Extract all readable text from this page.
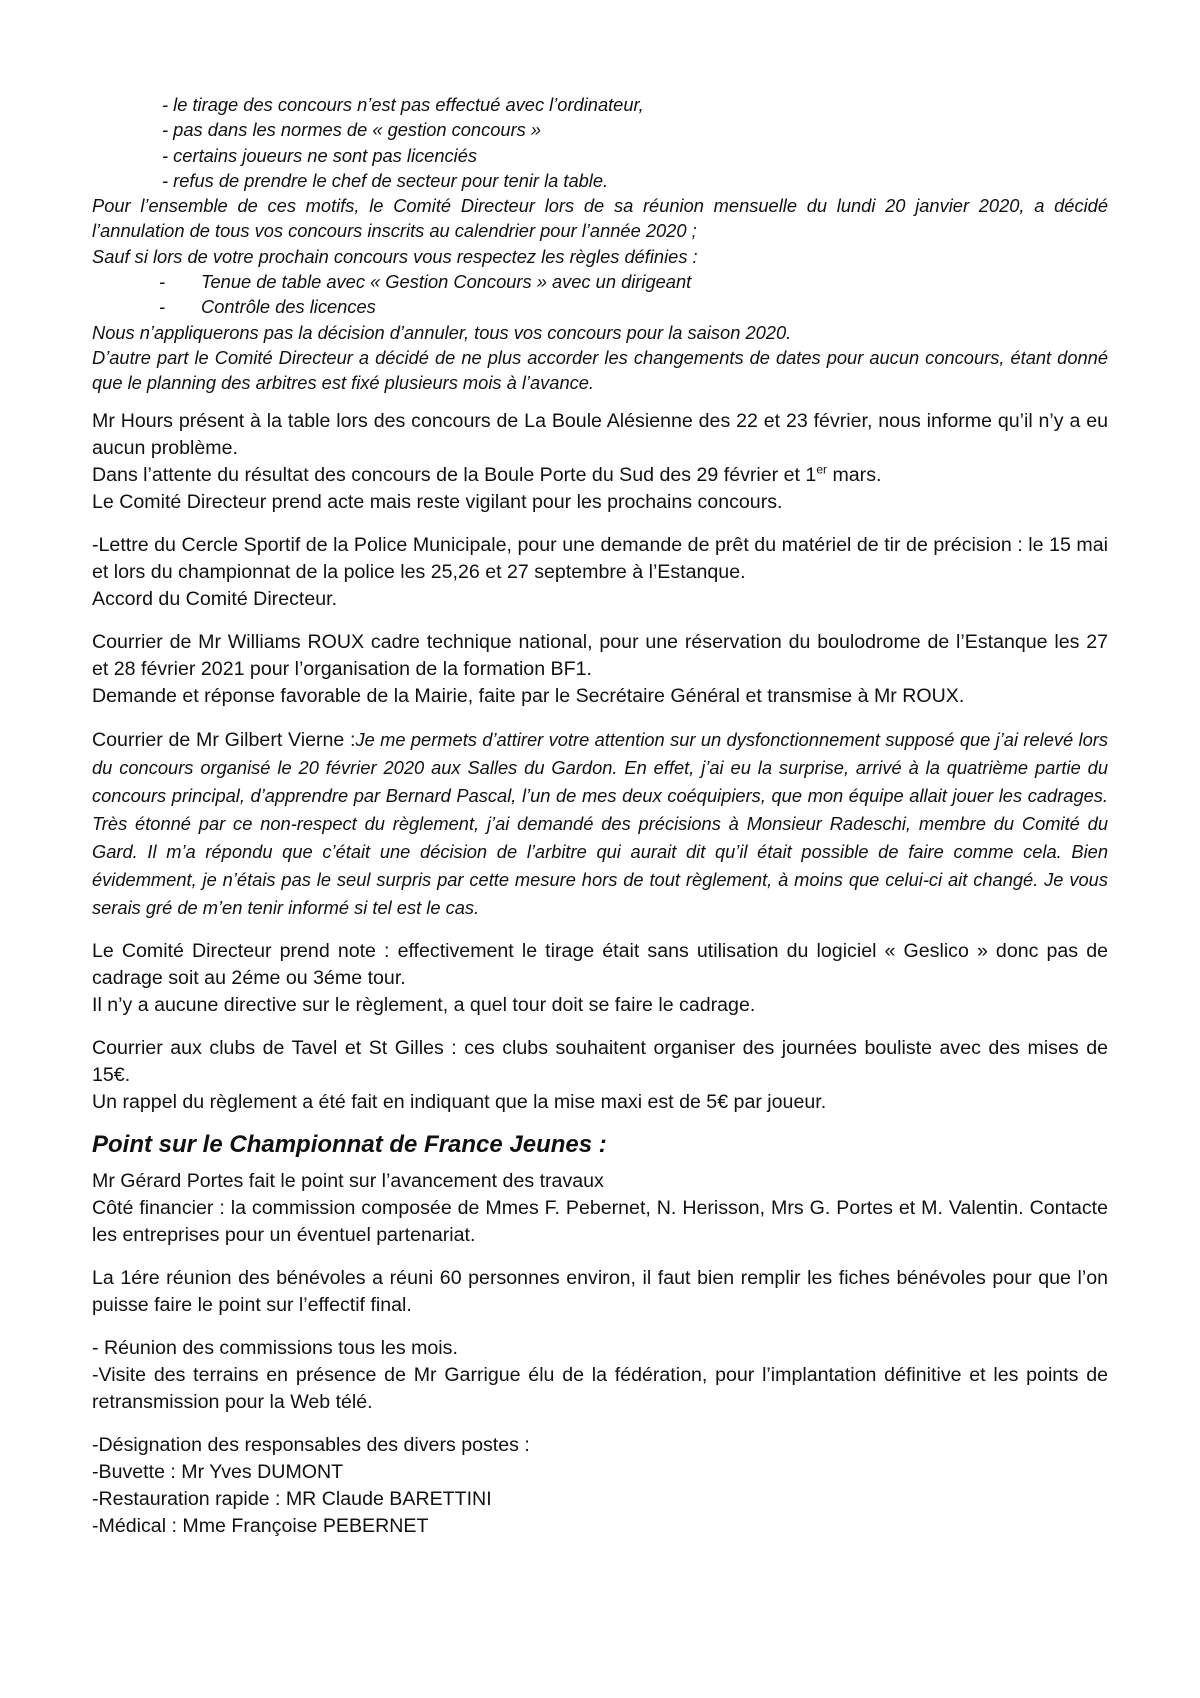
- le tirage des concours n’est pas effectué avec l’ordinateur,
- pas dans les normes de « gestion concours »
- certains joueurs ne sont pas licenciés
- refus de prendre le chef de secteur pour tenir la table.
Pour l’ensemble de ces motifs, le Comité Directeur lors de sa réunion mensuelle du lundi 20 janvier 2020, a décidé l’annulation de tous vos concours inscrits au calendrier pour l’année 2020 ;
Sauf si lors de votre prochain concours vous respectez les règles définies :
-	Tenue de table avec « Gestion Concours » avec un dirigeant
-	Contrôle des licences
Nous n’appliquerons pas la décision d’annuler, tous vos concours pour la saison 2020.
D’autre part le Comité Directeur a décidé de ne plus accorder les changements de dates pour aucun concours, étant donné que le planning des arbitres est fixé plusieurs mois à l’avance.
Mr Hours présent à la table lors des concours de La Boule Alésienne des 22 et 23 février, nous informe qu’il n’y a eu aucun problème.
Dans l’attente du résultat des concours de la Boule Porte du Sud des 29 février et 1er mars.
Le Comité Directeur prend acte mais reste vigilant pour les prochains concours.
-Lettre du Cercle Sportif de la Police Municipale, pour une demande de prêt du matériel de tir de précision : le 15 mai et lors du championnat de la police les 25,26 et 27 septembre à l’Estanque.
Accord du Comité Directeur.
Courrier de Mr Williams ROUX cadre technique national, pour une réservation du boulodrome de l’Estanque les 27 et 28 février 2021 pour l’organisation de la formation BF1.
Demande et réponse favorable de la Mairie, faite par le Secrétaire Général et transmise à Mr ROUX.
Courrier de Mr Gilbert Vierne :Je me permets d’attirer votre attention sur un dysfonctionnement supposé que j’ai relevé lors du concours organisé le 20 février 2020 aux Salles du Gardon. En effet, j’ai eu la surprise, arrivé à la quatrième partie du concours principal, d’apprendre par Bernard Pascal, l’un de mes deux coéquipiers, que mon équipe allait jouer les cadrages. Très étonné par ce non-respect du règlement, j’ai demandé des précisions à Monsieur Radeschi, membre du Comité du Gard. Il m’a répondu que c’était une décision de l’arbitre qui aurait dit qu’il était possible de faire comme cela. Bien évidemment, je n’étais pas le seul surpris par cette mesure hors de tout règlement, à moins que celui-ci ait changé. Je vous serais gré de m’en tenir informé si tel est le cas.
Le Comité Directeur prend note : effectivement le tirage était sans utilisation du logiciel « Geslico » donc pas de cadrage soit au 2éme ou 3éme tour.
Il n’y a aucune directive sur le règlement, a quel tour doit se faire le cadrage.
Courrier aux clubs de Tavel et St Gilles : ces clubs souhaitent organiser des journées bouliste avec des mises de 15€.
Un rappel du règlement a été fait en indiquant que la mise maxi est de 5€ par joueur.
Point sur le Championnat de France Jeunes :
Mr Gérard Portes fait le point sur l’avancement des travaux
Côté financier : la commission composée de Mmes F. Pebernet, N. Herisson, Mrs G. Portes et M. Valentin. Contacte les entreprises pour un éventuel partenariat.
La 1ére réunion des bénévoles a réuni 60 personnes environ, il faut bien remplir les fiches bénévoles pour que l’on puisse faire le point sur l’effectif final.
- Réunion des commissions tous les mois.
-Visite des terrains en présence de Mr Garrigue élu de la fédération, pour l’implantation définitive et les points de retransmission pour la Web télé.
-Désignation des responsables des divers postes :
-Buvette : Mr Yves DUMONT
-Restauration rapide : MR Claude BARETTINI
-Médical : Mme Françoise PEBERNET
